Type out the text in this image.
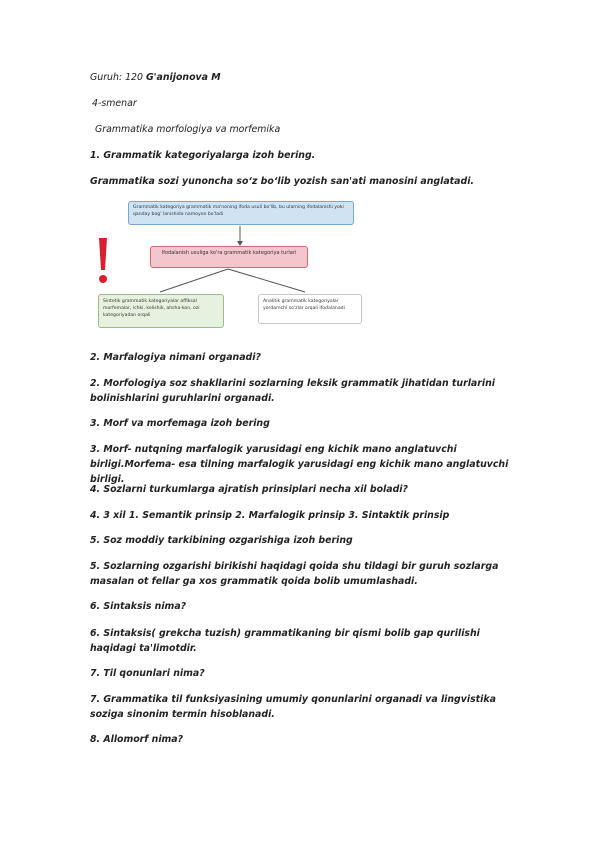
Guruh: 120 G'anijonova M
4-smenar
Grammatika morfologiya va morfemika
1. Grammatik kategoriyalarga izoh bering.
Grammatika sozi yunoncha so‘z bo‘lib yozish san'ati manosini anglatadi.
Grammatik kategoriya grammatik ma'noning ifoda usuli bo'lib, bu ularning ifodalanishi yoki qanday bog' lanishida namoyon bo'ladi
Ifodalanish usuliga ko'ra grammatik kategoriya turlari
Sintetik grammatik kategoriyalar affiksal morfemalar, ichki, kelishik, ahsha-kon, ozi kategoriyadan orqali
Analitik grammatik kategoriyalar yordamchi so'zlar orqali ifodalanadi
2. Marfalogiya nimani organadi?
2. Morfologiya soz shakllarini sozlarning leksik grammatik jihatidan turlarini bolinishlarini guruhlarini organadi.
3. Morf va morfemaga izoh bering
3. Morf- nutqning marfalogik yarusidagi eng kichik mano anglatuvchi birligi.Morfema- esa tilning marfalogik yarusidagi eng kichik mano anglatuvchi birligi.
4. Sozlarni turkumlarga ajratish prinsiplari necha xil boladi?
4. 3 xil 1. Semantik prinsip 2. Marfalogik prinsip 3. Sintaktik prinsip
5. Soz moddiy tarkibining ozgarishiga izoh bering
5. Sozlarning ozgarishi birikishi haqidagi qoida shu tildagi bir guruh sozlarga masalan ot fellar ga xos grammatik qoida bolib umumlashadi.
6. Sintaksis nima?
6. Sintaksis( grekcha tuzish) grammatikaning bir qismi bolib gap qurilishi haqidagi ta'limotdir.
7. Til qonunlari nima?
7. Grammatika til funksiyasining umumiy qonunlarini organadi va lingvistika soziga sinonim termin hisoblanadi.
8. Allomorf nima?
